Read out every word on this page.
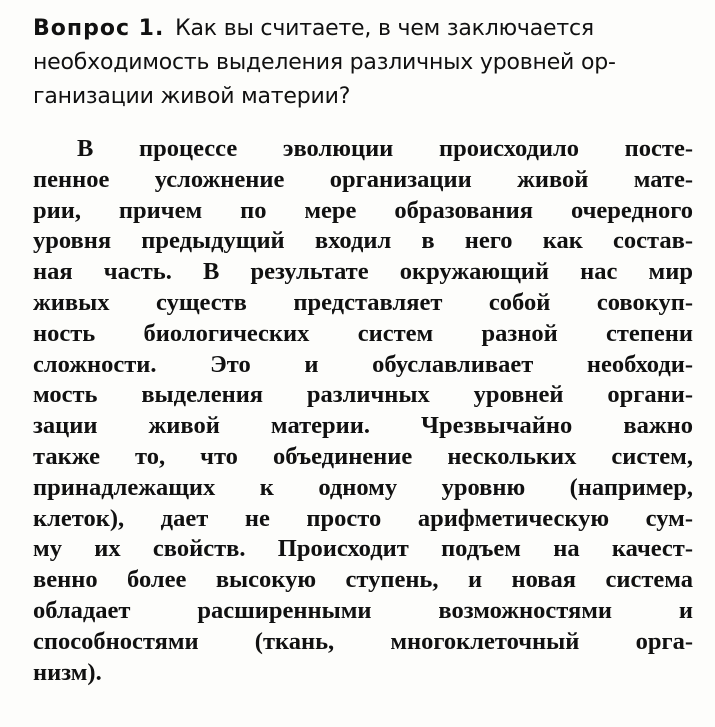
Вопрос 1. Как вы считаете, в чем заключается
необходимость выделения различных уровней ор-
ганизации живой материи?
В процессе эволюции происходило посте-
пенное усложнение организации живой мате-
рии, причем по мере образования очередного
уровня предыдущий входил в него как состав-
ная часть. В результате окружающий нас мир
живых существ представляет собой совокуп-
ность биологических систем разной степени
сложности. Это и обуславливает необходи-
мость выделения различных уровней органи-
зации живой материи. Чрезвычайно важно
также то, что объединение нескольких систем,
принадлежащих к одному уровню (например,
клеток), дает не просто арифметическую сум-
му их свойств. Происходит подъем на качест-
венно более высокую ступень, и новая система
обладает расширенными возможностями и
способностями (ткань, многоклеточный орга-
низм).
